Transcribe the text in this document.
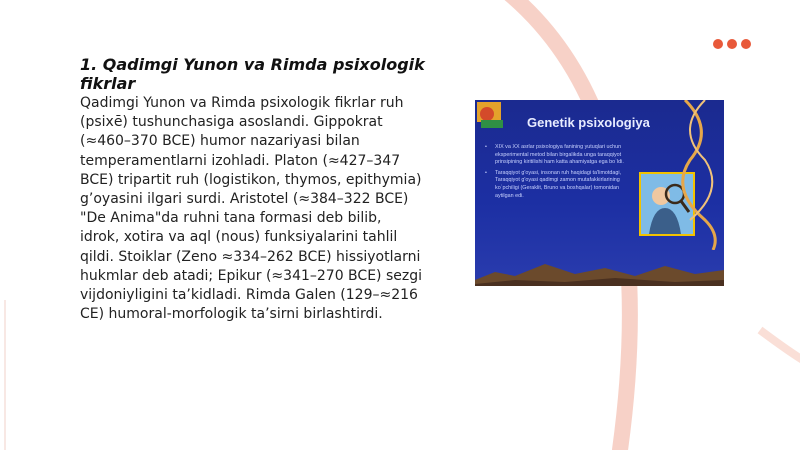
1. Qadimgi Yunon va Rimda psixologik fikrlar
Qadimgi Yunon va Rimda psixologik fikrlar ruh (psixē) tushunchasiga asoslandi. Gippokrat (≈460–370 BCE) humor nazariyasi bilan temperamentlarni izohladi. Platon (≈427–347 BCE) tripartit ruh (logistikon, thymos, epithymia) g’oyasini ilgari surdi. Aristotel (≈384–322 BCE) "De Anima"da ruhni tana formasi deb bilib, idrok, xotira va aql (nous) funksiyalarini tahlil qildi. Stoiklar (Zeno ≈334–262 BCE) hissiyotlarni hukmlar deb atadi; Epikur (≈341–270 BCE) sezgi vijdoniyligini ta’kidladi. Rimda Galen (129–≈216 CE) humoral-morfologik ta’sirni birlashtirdi.
Genetik psixologiya
•	XIX va XX asrlar psixologiya fanining yutuqlari uchun eksperimental metod bilan birgalikda unga taraqqiyot prinsipining kiritilishi ham katta ahamiyatga ega bo`ldi.
•	Taraqqiyot g'oyasi, insonan ruh haqidagi ta'limotdagi, Taraqqiyot g'oyasi qadimgi zamon mutafakkirlarining ko`pchiligi (Geraklit, Bruno va boshqalar) tomonidan aytilgan edi.
